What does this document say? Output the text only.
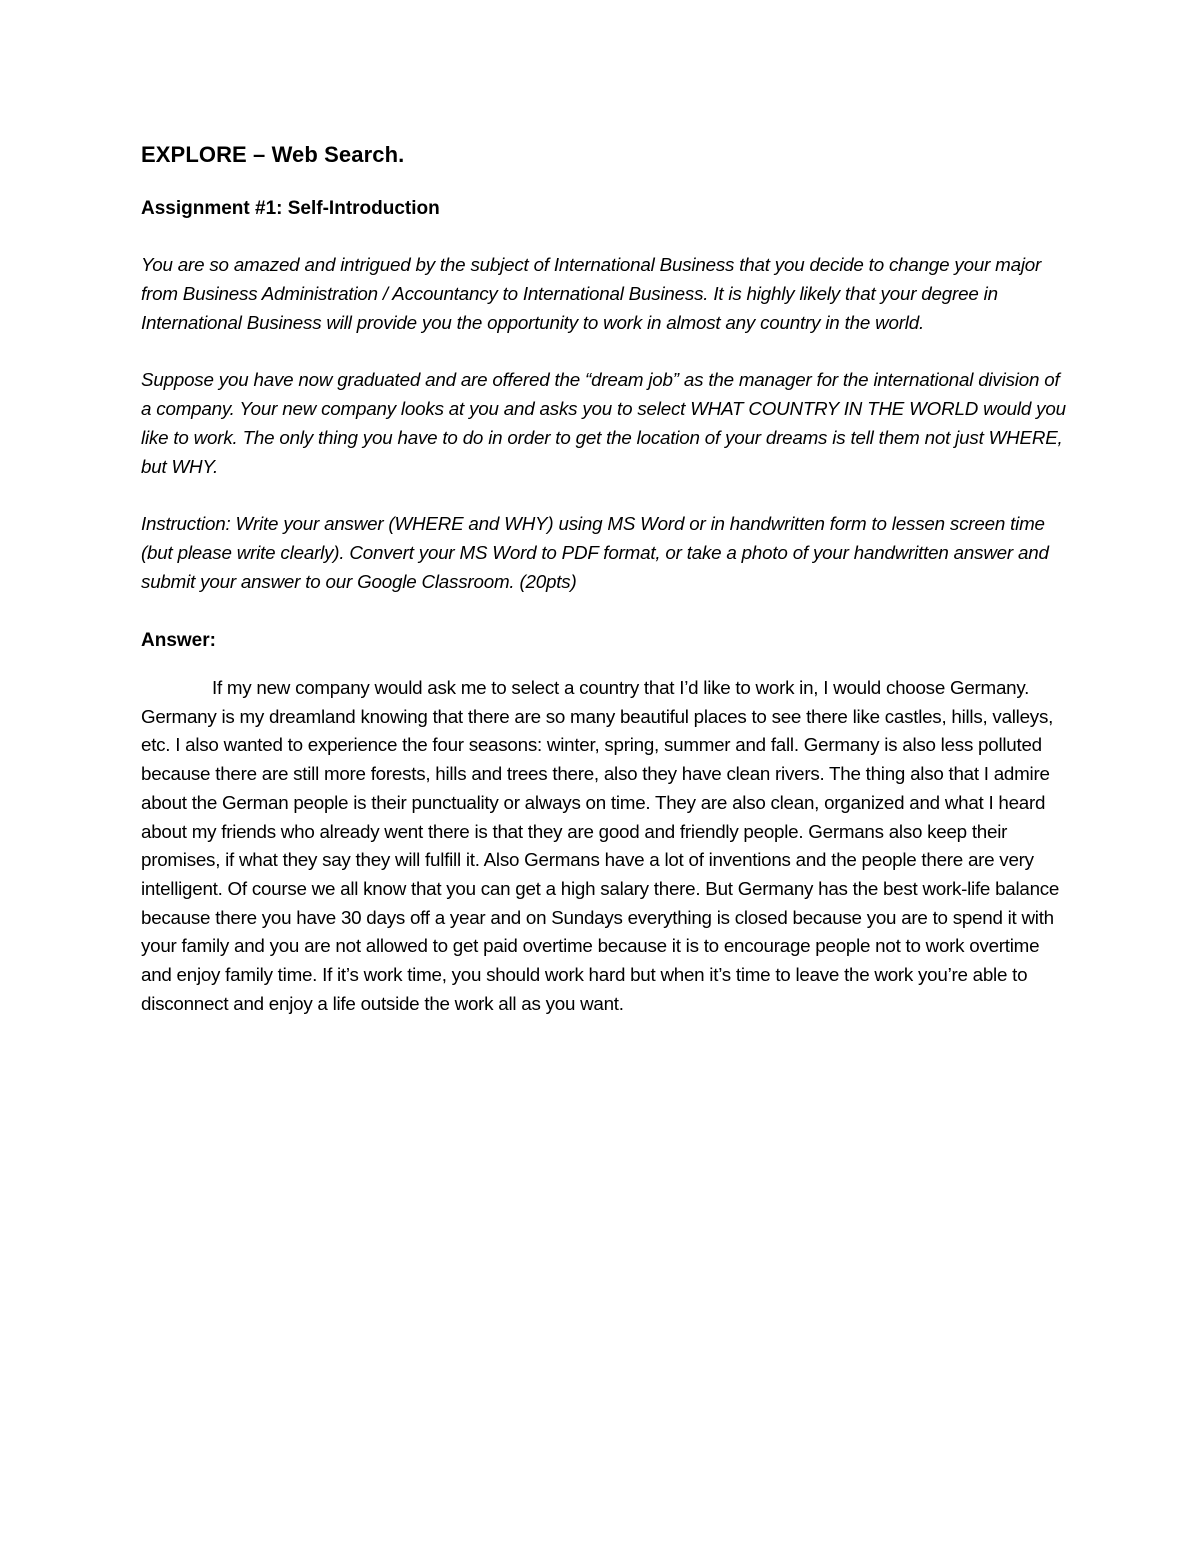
EXPLORE – Web Search.
Assignment #1: Self-Introduction

You are so amazed and intrigued by the subject of International Business that you decide to change your major from Business Administration / Accountancy to International Business. It is highly likely that your degree in International Business will provide you the opportunity to work in almost any country in the world.

Suppose you have now graduated and are offered the “dream job” as the manager for the international division of a company. Your new company looks at you and asks you to select WHAT COUNTRY IN THE WORLD would you like to work. The only thing you have to do in order to get the location of your dreams is tell them not just WHERE, but WHY.

Instruction: Write your answer (WHERE and WHY) using MS Word or in handwritten form to lessen screen time (but please write clearly). Convert your MS Word to PDF format, or take a photo of your handwritten answer and submit your answer to our Google Classroom. (20pts)

Answer:

If my new company would ask me to select a country that I’d like to work in, I would choose Germany. Germany is my dreamland knowing that there are so many beautiful places to see there like castles, hills, valleys, etc. I also wanted to experience the four seasons: winter, spring, summer and fall. Germany is also less polluted because there are still more forests, hills and trees there, also they have clean rivers. The thing also that I admire about the German people is their punctuality or always on time. They are also clean, organized and what I heard about my friends who already went there is that they are good and friendly people. Germans also keep their promises, if what they say they will fulfill it. Also Germans have a lot of inventions and the people there are very intelligent. Of course we all know that you can get a high salary there. But Germany has the best work-life balance because there you have 30 days off a year and on Sundays everything is closed because you are to spend it with your family and you are not allowed to get paid overtime because it is to encourage people not to work overtime and enjoy family time. If it’s work time, you should work hard but when it’s time to leave the work you’re able to disconnect and enjoy a life outside the work all as you want.
